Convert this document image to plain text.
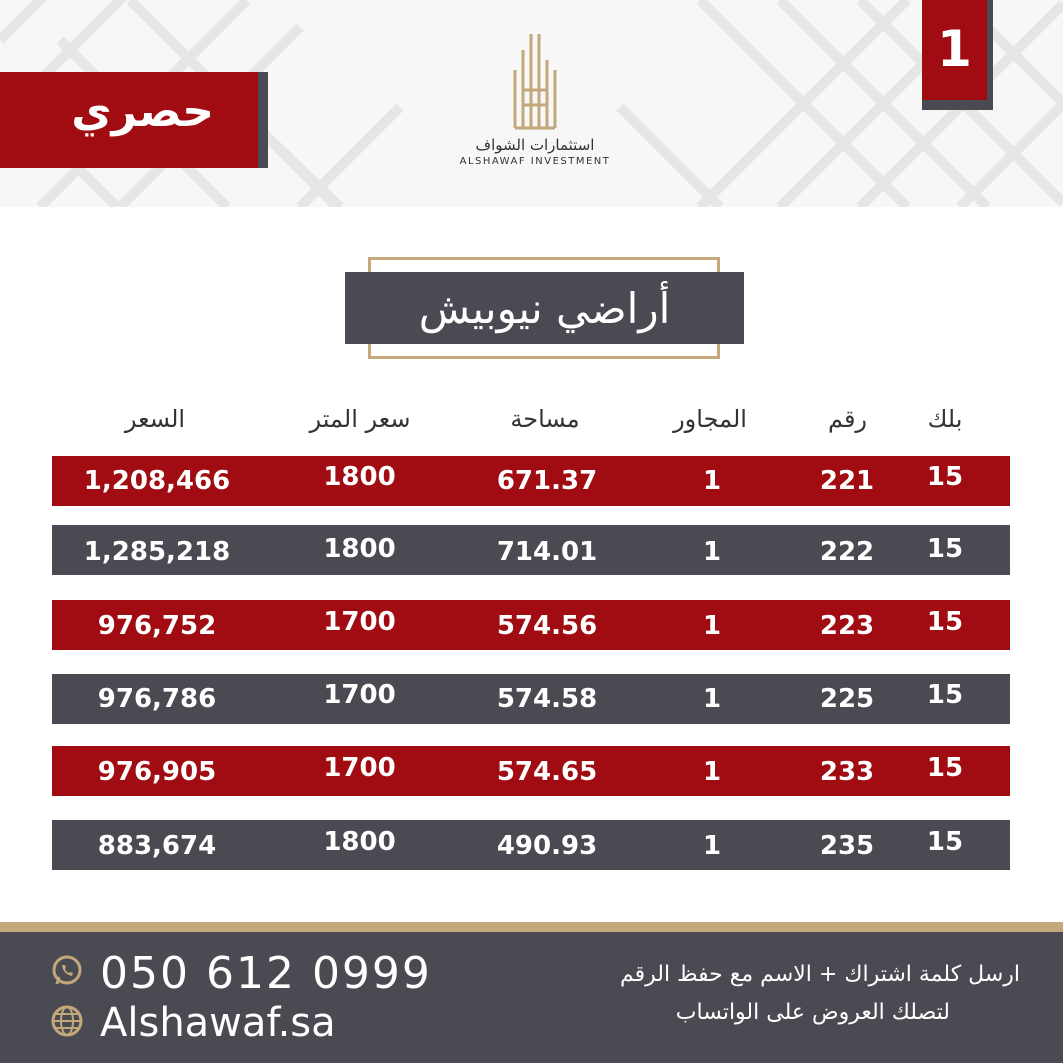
حصري
1
استثمارات الشواف
ALSHAWAF INVESTMENT
أراضي نيوبيش
بلك
رقم
المجاور
مساحة
سعر المتر
السعر
15
221
1
671.37
1800
1,208,466
15
222
1
714.01
1800
1,285,218
15
223
1
574.56
1700
976,752
15
225
1
574.58
1700
976,786
15
233
1
574.65
1700
976,905
15
235
1
490.93
1800
883,674
050 612 0999
Alshawaf.sa
ارسل كلمة اشتراك + الاسم مع حفظ الرقم
لتصلك العروض على الواتساب
